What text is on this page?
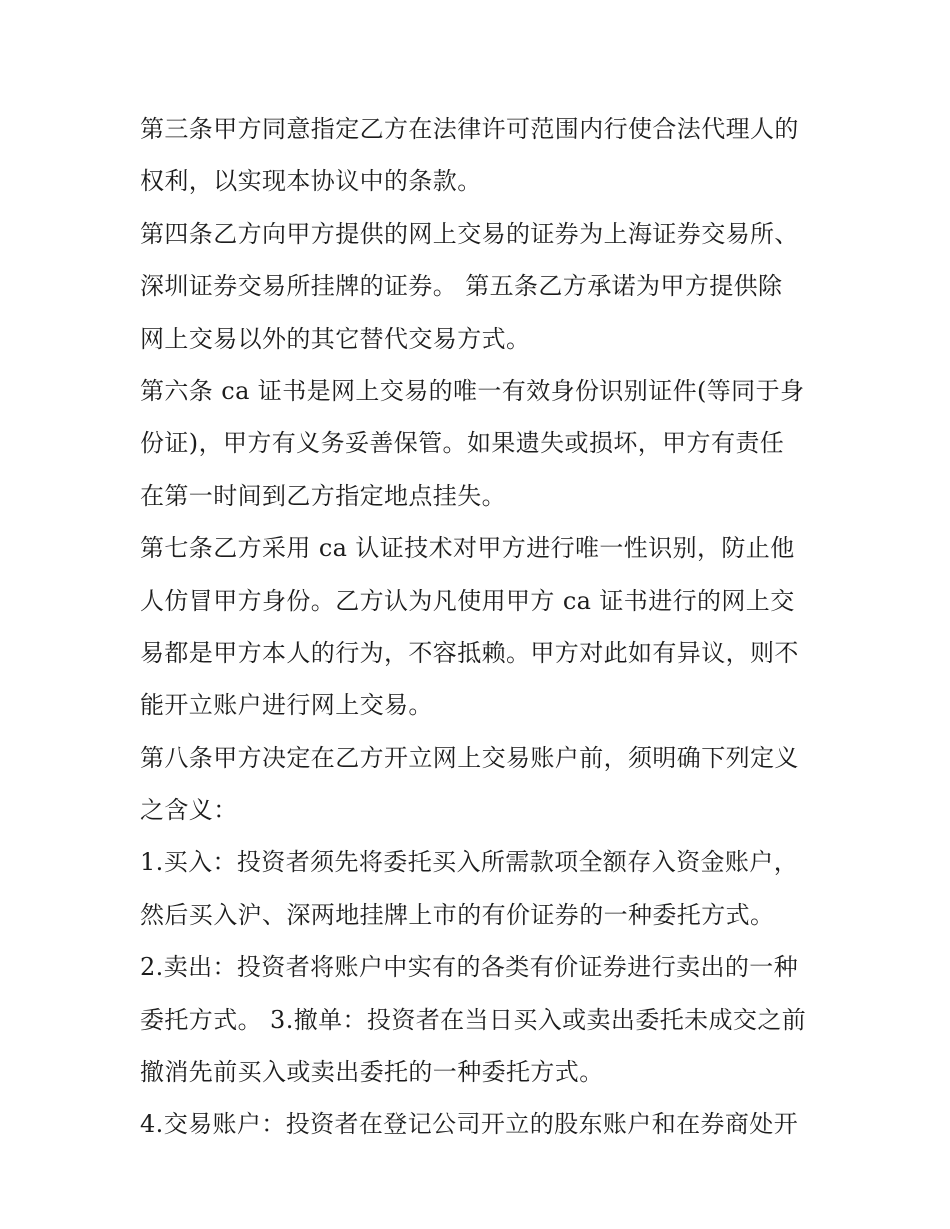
第三条甲方同意指定乙方在法律许可范围内行使合法代理人的
权利，以实现本协议中的条款。
第四条乙方向甲方提供的网上交易的证券为上海证券交易所、
深圳证券交易所挂牌的证券。 第五条乙方承诺为甲方提供除
网上交易以外的其它替代交易方式。
第六条 ca 证书是网上交易的唯一有效身份识别证件(等同于身
份证)，甲方有义务妥善保管。如果遗失或损坏，甲方有责任
在第一时间到乙方指定地点挂失。
第七条乙方采用 ca 认证技术对甲方进行唯一性识别，防止他
人仿冒甲方身份。乙方认为凡使用甲方 ca 证书进行的网上交
易都是甲方本人的行为，不容抵赖。甲方对此如有异议，则不
能开立账户进行网上交易。
第八条甲方决定在乙方开立网上交易账户前，须明确下列定义
之含义：
1.买入：投资者须先将委托买入所需款项全额存入资金账户，
然后买入沪、深两地挂牌上市的有价证券的一种委托方式。
2.卖出：投资者将账户中实有的各类有价证券进行卖出的一种
委托方式。 3.撤单：投资者在当日买入或卖出委托未成交之前
撤消先前买入或卖出委托的一种委托方式。
4.交易账户：投资者在登记公司开立的股东账户和在券商处开
